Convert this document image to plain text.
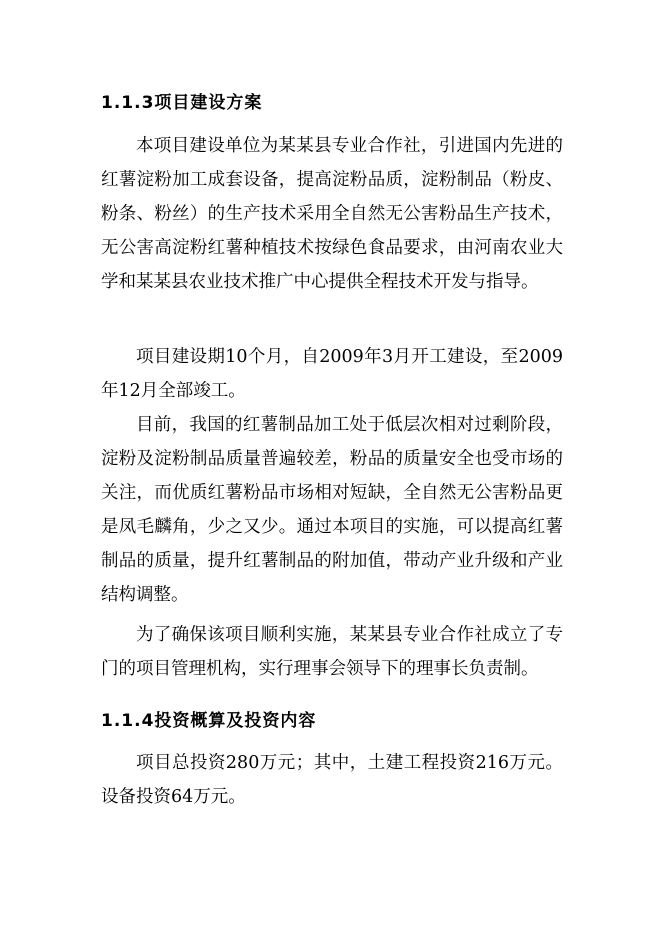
1.1.3项目建设方案

本项目建设单位为某某县专业合作社，引进国内先进的红薯淀粉加工成套设备，提高淀粉品质，淀粉制品（粉皮、粉条、粉丝）的生产技术采用全自然无公害粉品生产技术，无公害高淀粉红薯种植技术按绿色食品要求，由河南农业大学和某某县农业技术推广中心提供全程技术开发与指导。

项目建设期10个月，自2009年3月开工建设，至2009年12月全部竣工。

目前，我国的红薯制品加工处于低层次相对过剩阶段，淀粉及淀粉制品质量普遍较差，粉品的质量安全也受市场的关注，而优质红薯粉品市场相对短缺，全自然无公害粉品更是凤毛麟角，少之又少。通过本项目的实施，可以提高红薯制品的质量，提升红薯制品的附加值，带动产业升级和产业结构调整。

为了确保该项目顺利实施，某某县专业合作社成立了专门的项目管理机构，实行理事会领导下的理事长负责制。

1.1.4投资概算及投资内容

项目总投资280万元；其中，土建工程投资216万元。设备投资64万元。
